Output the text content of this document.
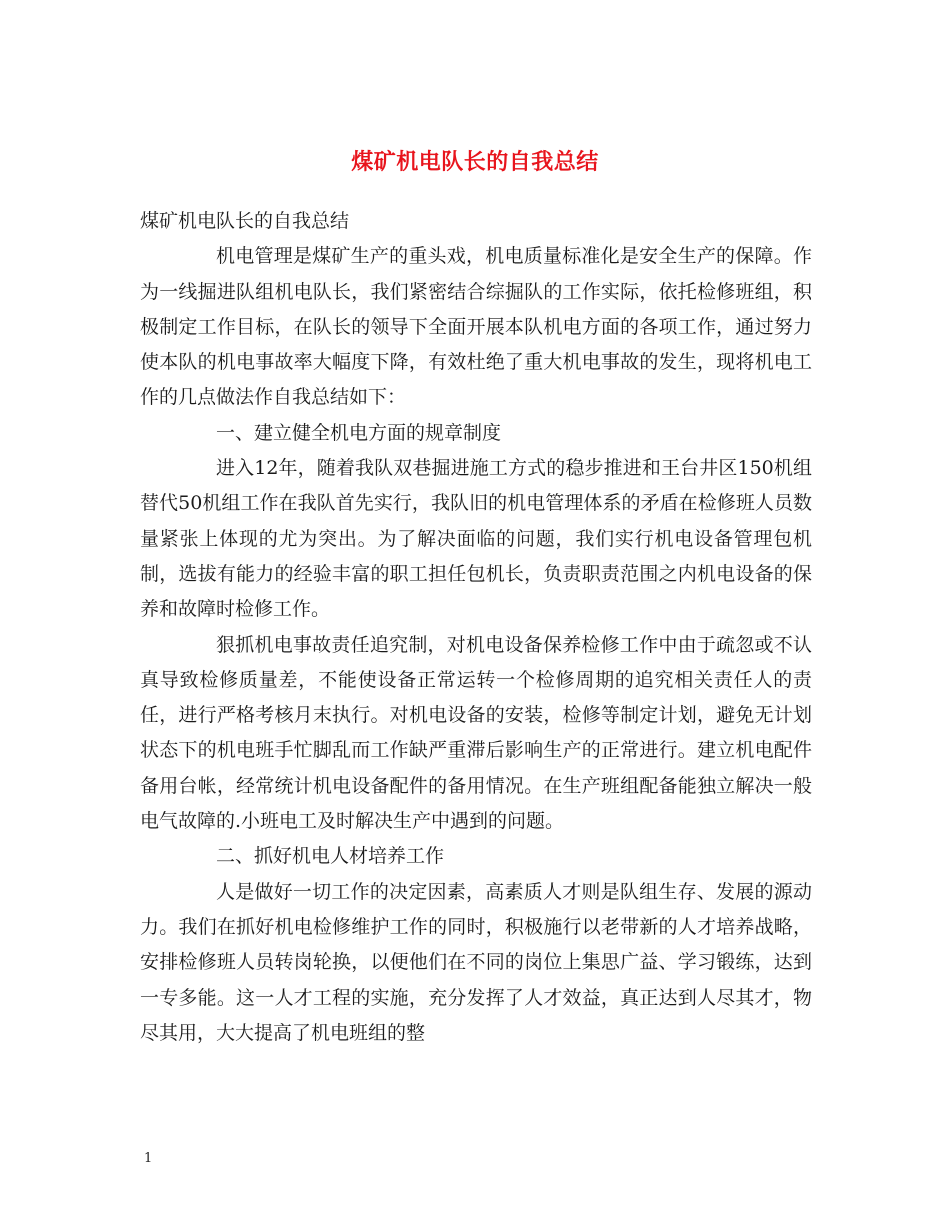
煤矿机电队长的自我总结

煤矿机电队长的自我总结

机电管理是煤矿生产的重头戏，机电质量标准化是安全生产的保障。作为一线掘进队组机电队长，我们紧密结合综掘队的工作实际，依托检修班组，积极制定工作目标，在队长的领导下全面开展本队机电方面的各项工作，通过努力使本队的机电事故率大幅度下降，有效杜绝了重大机电事故的发生，现将机电工作的几点做法作自我总结如下：

一、建立健全机电方面的规章制度

进入12年，随着我队双巷掘进施工方式的稳步推进和王台井区150机组替代50机组工作在我队首先实行，我队旧的机电管理体系的矛盾在检修班人员数量紧张上体现的尤为突出。为了解决面临的问题，我们实行机电设备管理包机制，选拔有能力的经验丰富的职工担任包机长，负责职责范围之内机电设备的保养和故障时检修工作。

狠抓机电事故责任追究制，对机电设备保养检修工作中由于疏忽或不认真导致检修质量差，不能使设备正常运转一个检修周期的追究相关责任人的责任，进行严格考核月末执行。对机电设备的安装，检修等制定计划，避免无计划状态下的机电班手忙脚乱而工作缺严重滞后影响生产的正常进行。建立机电配件备用台帐，经常统计机电设备配件的备用情况。在生产班组配备能独立解决一般电气故障的.小班电工及时解决生产中遇到的问题。

二、抓好机电人材培养工作

人是做好一切工作的决定因素，高素质人才则是队组生存、发展的源动力。我们在抓好机电检修维护工作的同时，积极施行以老带新的人才培养战略，安排检修班人员转岗轮换，以便他们在不同的岗位上集思广益、学习锻练，达到一专多能。这一人才工程的实施，充分发挥了人才效益，真正达到人尽其才，物尽其用，大大提高了机电班组的整

1
